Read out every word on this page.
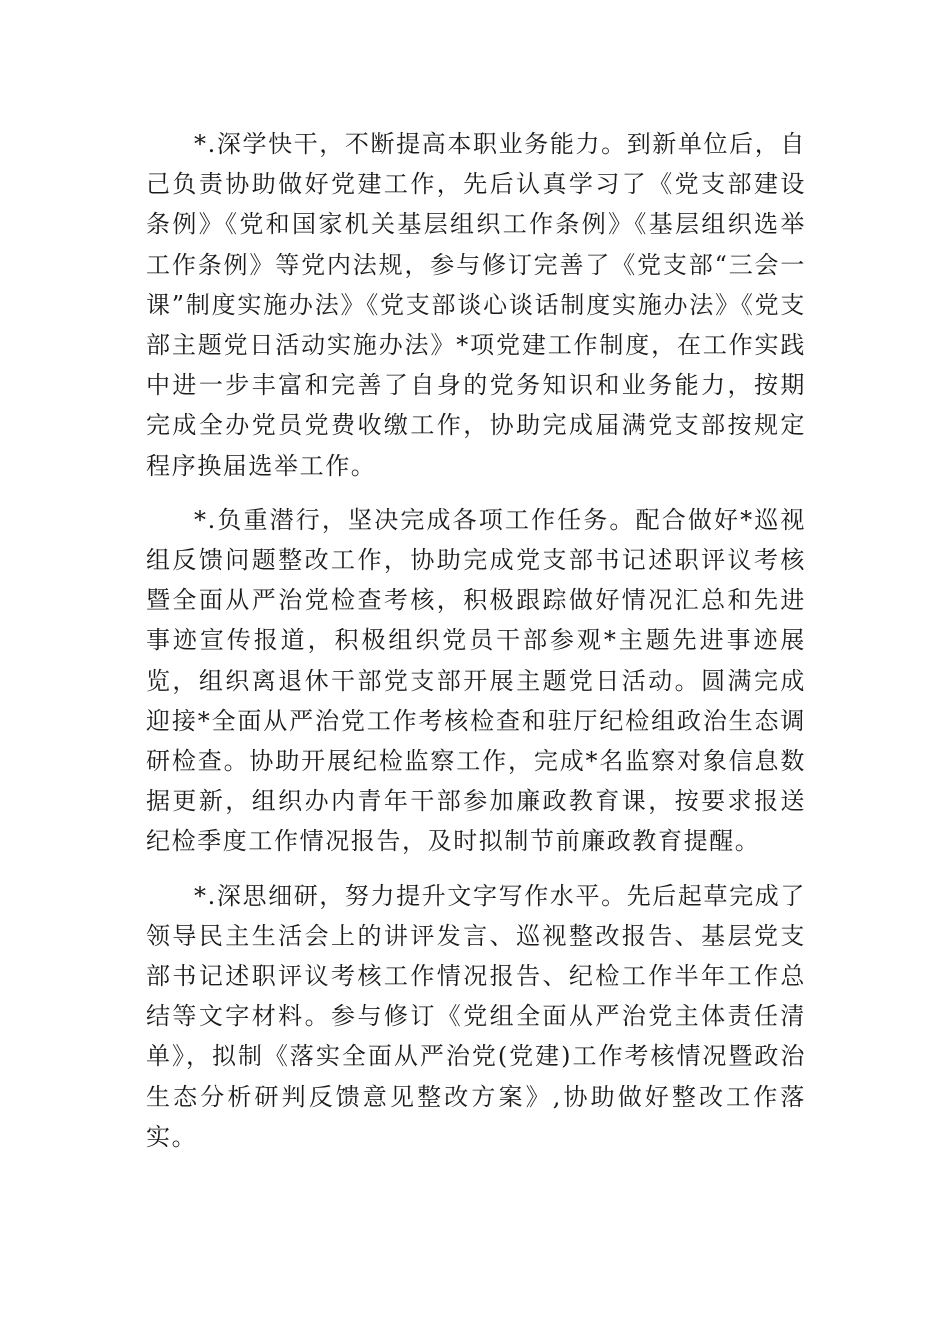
*.深学快干，不断提高本职业务能力。到新单位后，自己负责协助做好党建工作，先后认真学习了《党支部建设条例》《党和国家机关基层组织工作条例》《基层组织选举工作条例》等党内法规，参与修订完善了《党支部“三会一课”制度实施办法》《党支部谈心谈话制度实施办法》《党支部主题党日活动实施办法》*项党建工作制度，在工作实践中进一步丰富和完善了自身的党务知识和业务能力，按期完成全办党员党费收缴工作，协助完成届满党支部按规定程序换届选举工作。

*.负重潜行，坚决完成各项工作任务。配合做好*巡视组反馈问题整改工作，协助完成党支部书记述职评议考核暨全面从严治党检查考核，积极跟踪做好情况汇总和先进事迹宣传报道，积极组织党员干部参观*主题先进事迹展览，组织离退休干部党支部开展主题党日活动。圆满完成迎接*全面从严治党工作考核检查和驻厅纪检组政治生态调研检查。协助开展纪检监察工作，完成*名监察对象信息数据更新，组织办内青年干部参加廉政教育课，按要求报送纪检季度工作情况报告，及时拟制节前廉政教育提醒。

*.深思细研，努力提升文字写作水平。先后起草完成了领导民主生活会上的讲评发言、巡视整改报告、基层党支部书记述职评议考核工作情况报告、纪检工作半年工作总结等文字材料。参与修订《党组全面从严治党主体责任清单》，拟制《落实全面从严治党(党建)工作考核情况暨政治生态分析研判反馈意见整改方案》,协助做好整改工作落实。
